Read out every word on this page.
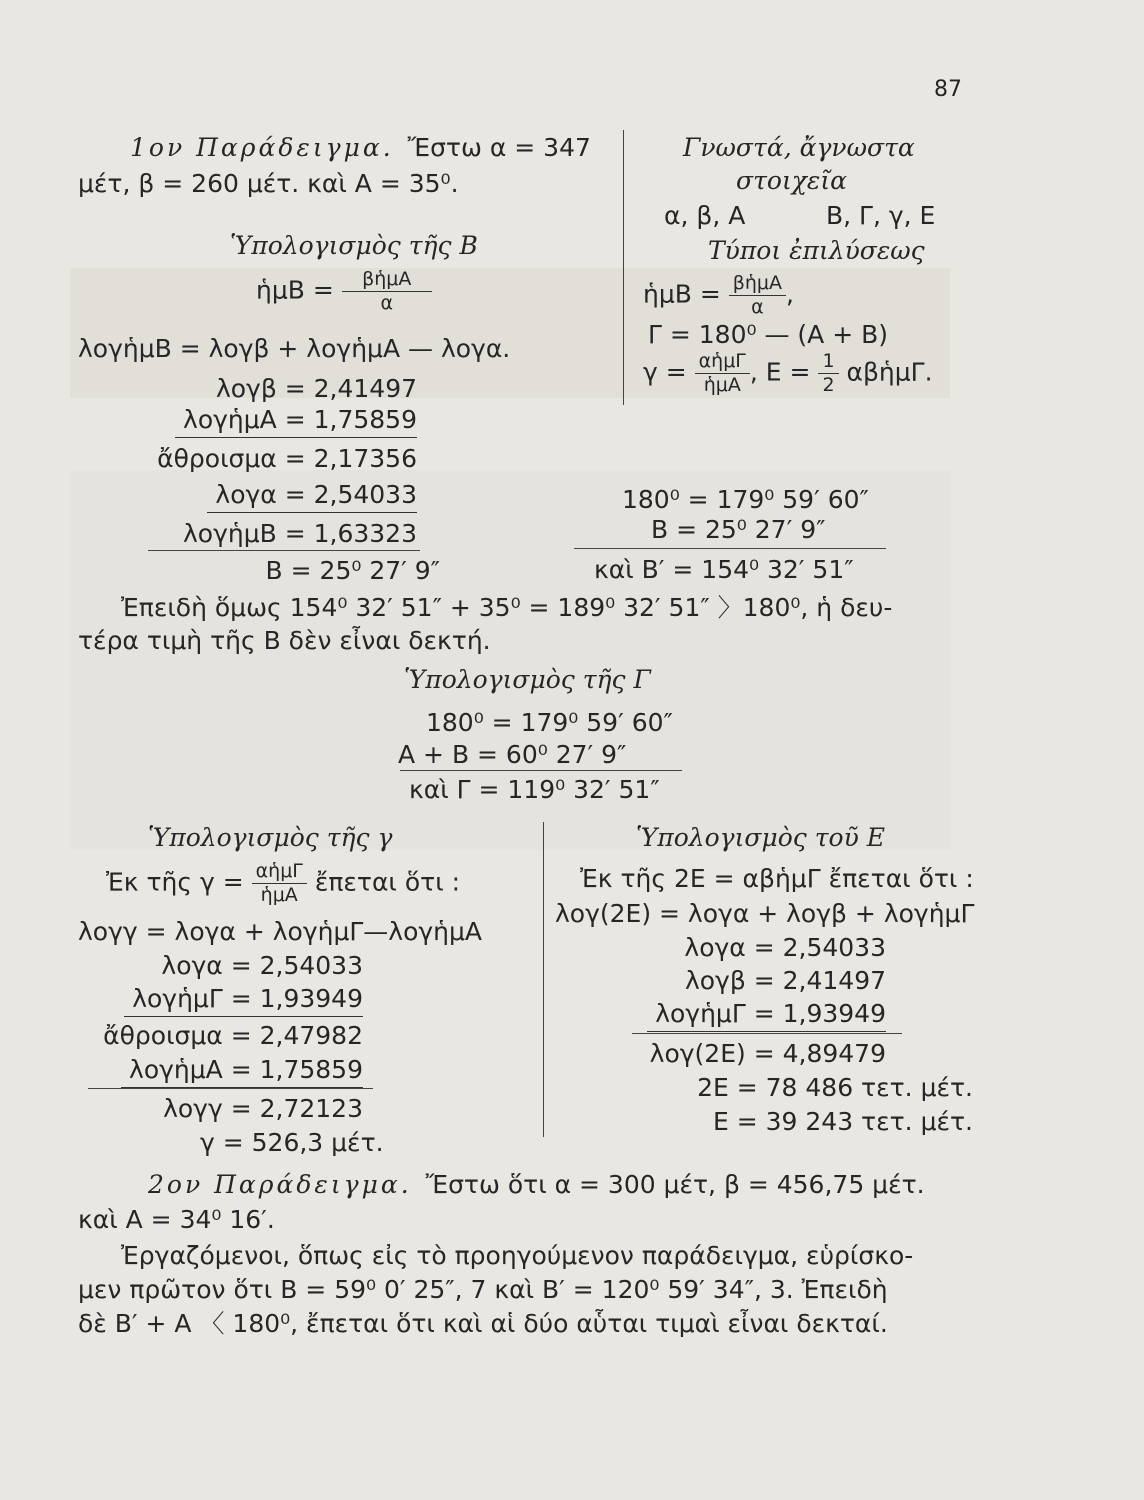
87
1ον Παράδειγμα. Ἔστω α = 347
μέτ, β = 260 μέτ. καὶ A = 35⁰.
Γνωστά, ἄγνωστα
στοιχεῖα
α, β, A	B, Γ, γ, E
Τύποι ἐπιλύσεως
ἡμB = $\frac{\text{βἡμA}}{\alpha}$ ,
Γ = 180⁰ — (A + B)
$\gamma = \frac{\text{αἡμΓ}}{\text{ἡμA}}$ , $E = \frac{1}{2}$ αβἡμΓ.
Ὑπολογισμὸς τῆς B
ἡμB = $\frac{\text{βἡμA}}{\alpha}$
λογἡμB = λογβ + λογἡμA — λογα.
λογβ = 2,41497
λογἡμA = 1,75859
ἄθροισμα = 2,17356
λογα = 2,54033
λογἡμB = 1,63323
B = 25⁰ 27′ 9″
180⁰ = 179⁰ 59′ 60″
B = 25⁰ 27′ 9″
καὶ B′ = 154⁰ 32′ 51″
Ἐπειδὴ ὅμως 154⁰ 32′ 51″ + 35⁰ = 189⁰ 32′ 51″ 〉180⁰, ἡ δευ-
τέρα τιμὴ τῆς B δὲν εἶναι δεκτή.
Ὑπολογισμὸς τῆς Γ
180⁰ = 179⁰ 59′ 60″
A + B = 60⁰ 27′ 9″
καὶ Γ = 119⁰ 32′ 51″
Ὑπολογισμὸς τῆς γ
Ἐκ τῆς $\gamma = \frac{\text{αἡμΓ}}{\text{ἡμA}}$ ἔπεται ὅτι :
λογγ = λογα + λογἡμΓ—λογἡμA
λογα = 2,54033
λογἡμΓ = 1,93949
ἄθροισμα = 2,47982
λογἡμA = 1,75859
λογγ = 2,72123
γ = 526,3 μέτ.
Ὑπολογισμὸς τοῦ E
Ἐκ τῆς 2E = αβἡμΓ ἔπεται ὅτι :
λογ(2E) = λογα + λογβ + λογἡμΓ
λογα = 2,54033
λογβ = 2,41497
λογἡμΓ = 1,93949
λογ(2E) = 4,89479
2E = 78 486 τετ. μέτ.
E = 39 243 τετ. μέτ.
2ον Παράδειγμα. Ἔστω ὅτι α = 300 μέτ, β = 456,75 μέτ.
καὶ A = 34⁰ 16′.
Ἐργαζόμενοι, ὅπως εἰς τὸ προηγούμενον παράδειγμα, εὑρίσκο-
μεν πρῶτον ὅτι B = 59⁰ 0′ 25″, 7 καὶ B′ = 120⁰ 59′ 34″, 3. Ἐπειδὴ
δὲ B′ + A 〈 180⁰, ἔπεται ὅτι καὶ αἱ δύο αὗται τιμαὶ εἶναι δεκταί.
